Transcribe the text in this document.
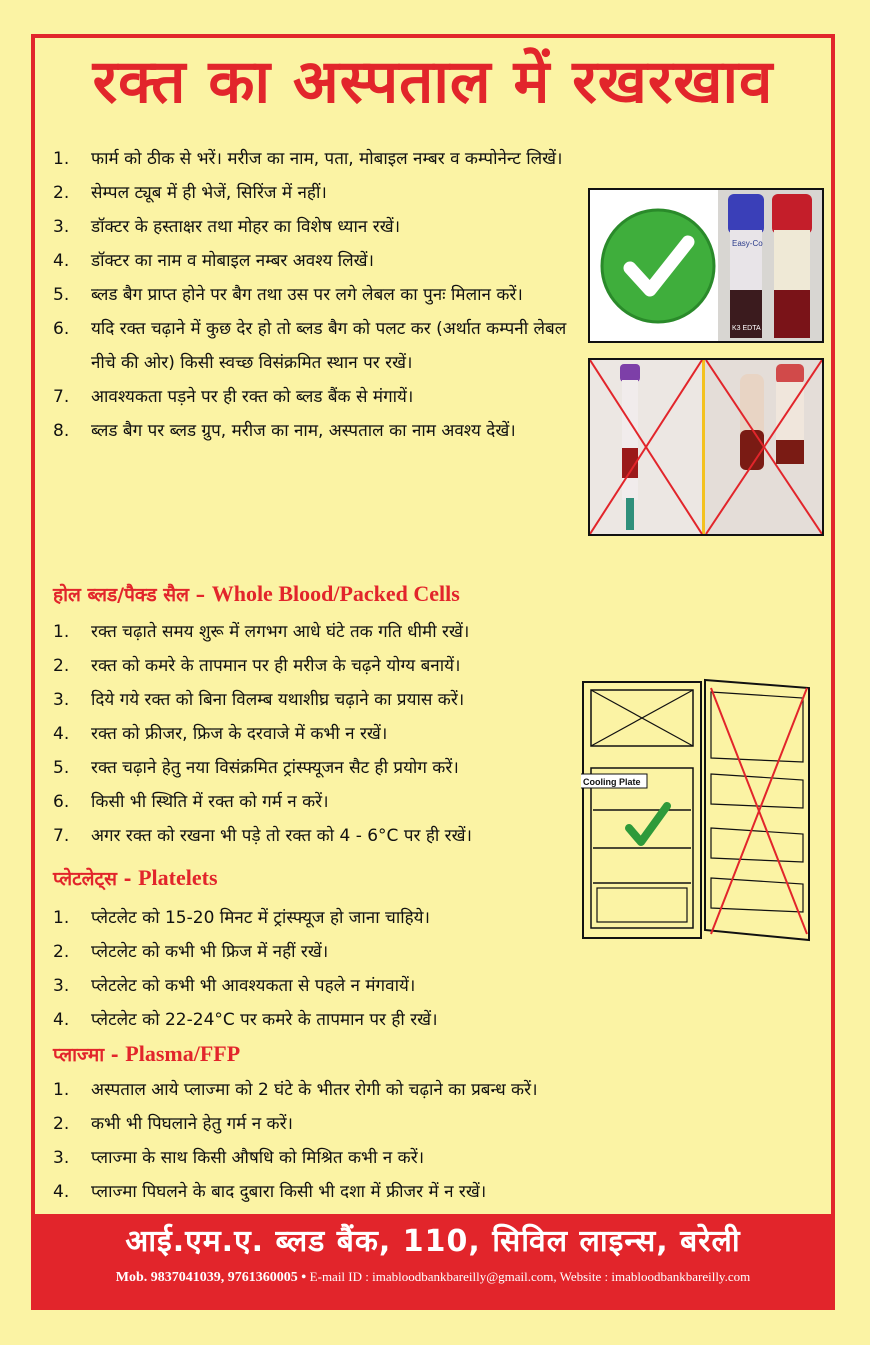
रक्त का अस्पताल में रखरखाव
1.	फार्म को ठीक से भरें। मरीज का नाम, पता, मोबाइल नम्बर व कम्पोनेन्ट लिखें।
2.	सेम्पल ट्यूब में ही भेजें, सिरिंज में नहीं।
3.	डॉक्टर के हस्ताक्षर तथा मोहर का विशेष ध्यान रखें।
4.	डॉक्टर का नाम व मोबाइल नम्बर अवश्य लिखें।
5.	ब्लड बैग प्राप्त होने पर बैग तथा उस पर लगे लेबल का पुनः मिलान करें।
6.	यदि रक्त चढ़ाने में कुछ देर हो तो ब्लड बैग को पलट कर (अर्थात कम्पनी लेबल नीचे की ओर) किसी स्वच्छ विसंक्रमित स्थान पर रखें।
7.	आवश्यकता पड़ने पर ही रक्त को ब्लड बैंक से मंगायें।
8.	ब्लड बैग पर ब्लड ग्रुप, मरीज का नाम, अस्पताल का नाम अवश्य देखें।
Easy-Co
K3 EDTA
होल ब्लड/पैक्ड सैल – Whole Blood/Packed Cells
1.	रक्त चढ़ाते समय शुरू में लगभग आधे घंटे तक गति धीमी रखें।
2.	रक्त को कमरे के तापमान पर ही मरीज के चढ़ने योग्य बनायें।
3.	दिये गये रक्त को बिना विलम्ब यथाशीघ्र चढ़ाने का प्रयास करें।
4.	रक्त को फ्रीजर, फ्रिज के दरवाजे में कभी न रखें।
5.	रक्त चढ़ाने हेतु नया विसंक्रमित ट्रांस्फ्यूजन सैट ही प्रयोग करें।
6.	किसी भी स्थिति में रक्त को गर्म न करें।
7.	अगर रक्त को रखना भी पड़े तो रक्त को 4 - 6°C पर ही रखें।
Cooling Plate
प्लेटलेट्स - Platelets
1.	प्लेटलेट को 15-20 मिनट में ट्रांस्फ्यूज हो जाना चाहिये।
2.	प्लेटलेट को कभी भी फ्रिज में नहीं रखें।
3.	प्लेटलेट को कभी भी आवश्यकता से पहले न मंगवायें।
4.	प्लेटलेट को 22-24°C पर कमरे के तापमान पर ही रखें।
प्लाज्मा - Plasma/FFP
1.	अस्पताल आये प्लाज्मा को 2 घंटे के भीतर रोगी को चढ़ाने का प्रबन्ध करें।
2.	कभी भी पिघलाने हेतु गर्म न करें।
3.	प्लाज्मा के साथ किसी औषधि को मिश्रित कभी न करें।
4.	प्लाज्मा पिघलने के बाद दुबारा किसी भी दशा में फ्रीजर में न रखें।
आई.एम.ए. ब्लड बैंक, 110, सिविल लाइन्स, बरेली
Mob. 9837041039, 9761360005 • E-mail ID : imabloodbankbareilly@gmail.com, Website : imabloodbankbareilly.com
